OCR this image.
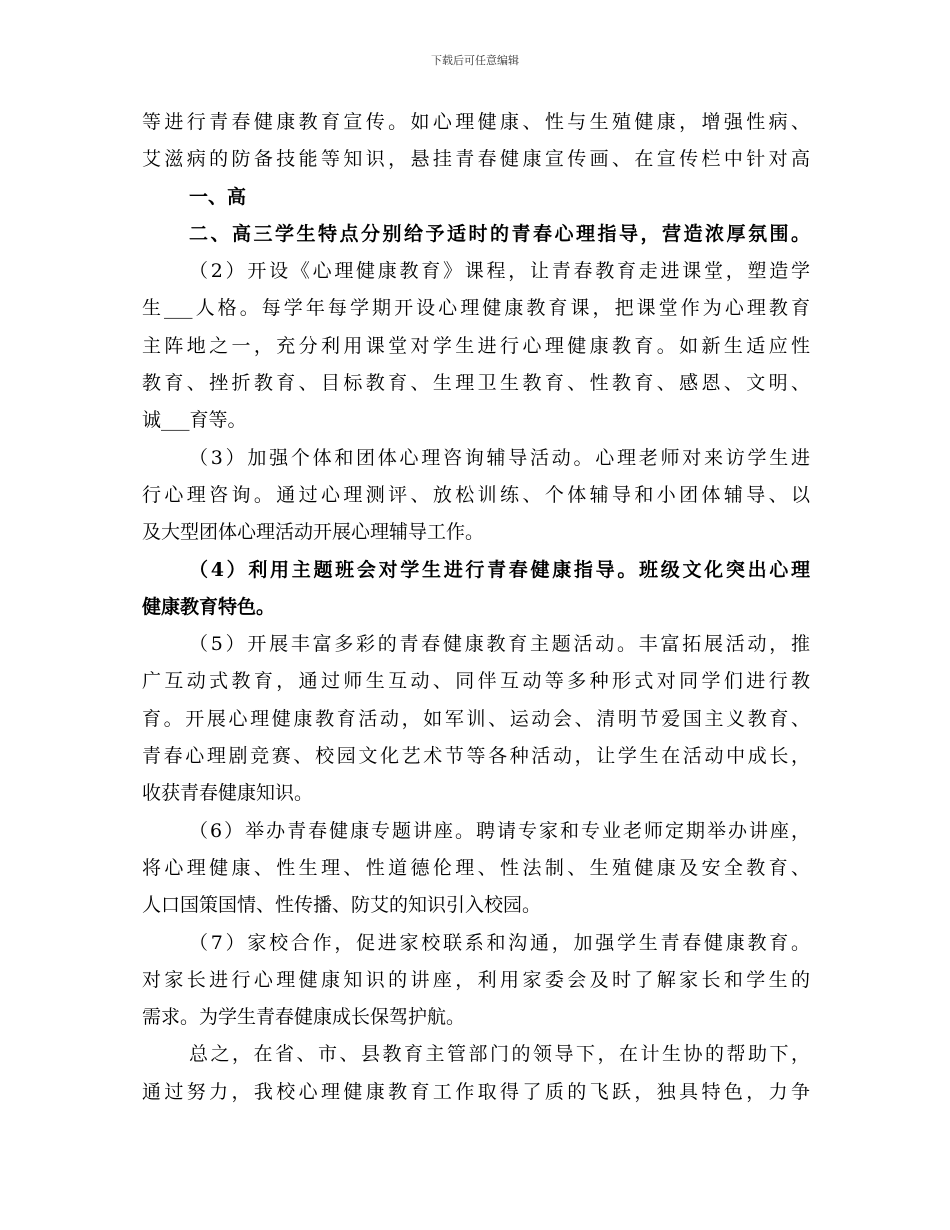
下载后可任意编辑
等进行青春健康教育宣传。如心理健康、性与生殖健康，增强性病、
艾滋病的防备技能等知识，悬挂青春健康宣传画、在宣传栏中针对高
一、高
二、高三学生特点分别给予适时的青春心理指导，营造浓厚氛围。
（2）开设《心理健康教育》课程，让青春教育走进课堂，塑造学
生___人格。每学年每学期开设心理健康教育课，把课堂作为心理教育
主阵地之一，充分利用课堂对学生进行心理健康教育。如新生适应性
教育、挫折教育、目标教育、生理卫生教育、性教育、感恩、文明、
诚___育等。
（3）加强个体和团体心理咨询辅导活动。心理老师对来访学生进
行心理咨询。通过心理测评、放松训练、个体辅导和小团体辅导、以
及大型团体心理活动开展心理辅导工作。
（4）利用主题班会对学生进行青春健康指导。班级文化突出心理
健康教育特色。
（5）开展丰富多彩的青春健康教育主题活动。丰富拓展活动，推
广互动式教育，通过师生互动、同伴互动等多种形式对同学们进行教
育。开展心理健康教育活动，如军训、运动会、清明节爱国主义教育、
青春心理剧竞赛、校园文化艺术节等各种活动，让学生在活动中成长，
收获青春健康知识。
（6）举办青春健康专题讲座。聘请专家和专业老师定期举办讲座，
将心理健康、性生理、性道德伦理、性法制、生殖健康及安全教育、
人口国策国情、性传播、防艾的知识引入校园。
（7）家校合作，促进家校联系和沟通，加强学生青春健康教育。
对家长进行心理健康知识的讲座，利用家委会及时了解家长和学生的
需求。为学生青春健康成长保驾护航。
总之，在省、市、县教育主管部门的领导下，在计生协的帮助下，
通过努力，我校心理健康教育工作取得了质的飞跃，独具特色，力争
